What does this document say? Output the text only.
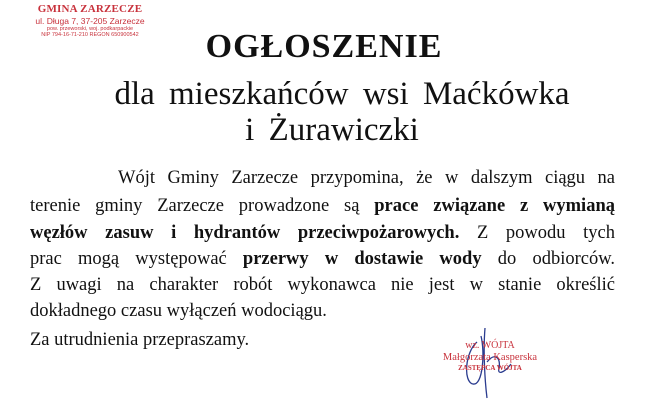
GMINA ZARZECZE
ul. Długa 7, 37-205 Zarzecze
pow. przeworski, woj. podkarpackie
NIP 794-16-71-210 REGON 650900542	OGŁOSZENIE
dla mieszkańców wsi Maćkówka
i Żurawiczki
Wójt Gminy Zarzecze przypomina, że w dalszym ciągu na
terenie gminy Zarzecze prowadzone są prace związane z wymianą
węzłów zasuw i hydrantów przeciwpożarowych. Z powodu tych
prac mogą występować przerwy w dostawie wody do odbiorców.
Z uwagi na charakter robót wykonawca nie jest w stanie określić
dokładnego czasu wyłączeń wodociągu.
Za utrudnienia przepraszamy.	wz. WÓJTA
Małgorzata Kasperska
ZASTĘPCA WÓJTA
